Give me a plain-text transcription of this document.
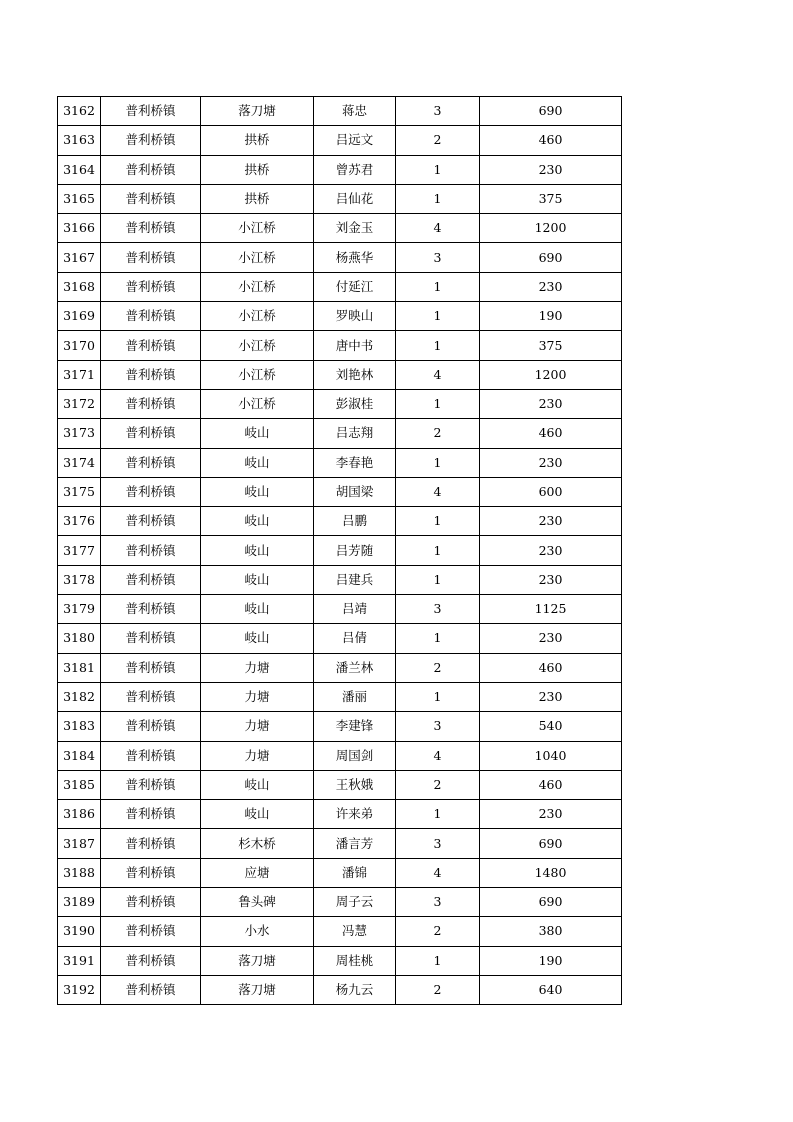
3162	普利桥镇	落刀塘	蒋忠	3	690
3163	普利桥镇	拱桥	吕远文	2	460
3164	普利桥镇	拱桥	曾苏君	1	230
3165	普利桥镇	拱桥	吕仙花	1	375
3166	普利桥镇	小江桥	刘金玉	4	1200
3167	普利桥镇	小江桥	杨燕华	3	690
3168	普利桥镇	小江桥	付延江	1	230
3169	普利桥镇	小江桥	罗映山	1	190
3170	普利桥镇	小江桥	唐中书	1	375
3171	普利桥镇	小江桥	刘艳林	4	1200
3172	普利桥镇	小江桥	彭淑桂	1	230
3173	普利桥镇	岐山	吕志翔	2	460
3174	普利桥镇	岐山	李春艳	1	230
3175	普利桥镇	岐山	胡国梁	4	600
3176	普利桥镇	岐山	吕鹏	1	230
3177	普利桥镇	岐山	吕芳随	1	230
3178	普利桥镇	岐山	吕建兵	1	230
3179	普利桥镇	岐山	吕靖	3	1125
3180	普利桥镇	岐山	吕倩	1	230
3181	普利桥镇	力塘	潘兰林	2	460
3182	普利桥镇	力塘	潘丽	1	230
3183	普利桥镇	力塘	李建锋	3	540
3184	普利桥镇	力塘	周国剑	4	1040
3185	普利桥镇	岐山	王秋娥	2	460
3186	普利桥镇	岐山	许来弟	1	230
3187	普利桥镇	杉木桥	潘言芳	3	690
3188	普利桥镇	应塘	潘锦	4	1480
3189	普利桥镇	鲁头碑	周子云	3	690
3190	普利桥镇	小水	冯慧	2	380
3191	普利桥镇	落刀塘	周桂桃	1	190
3192	普利桥镇	落刀塘	杨九云	2	640
